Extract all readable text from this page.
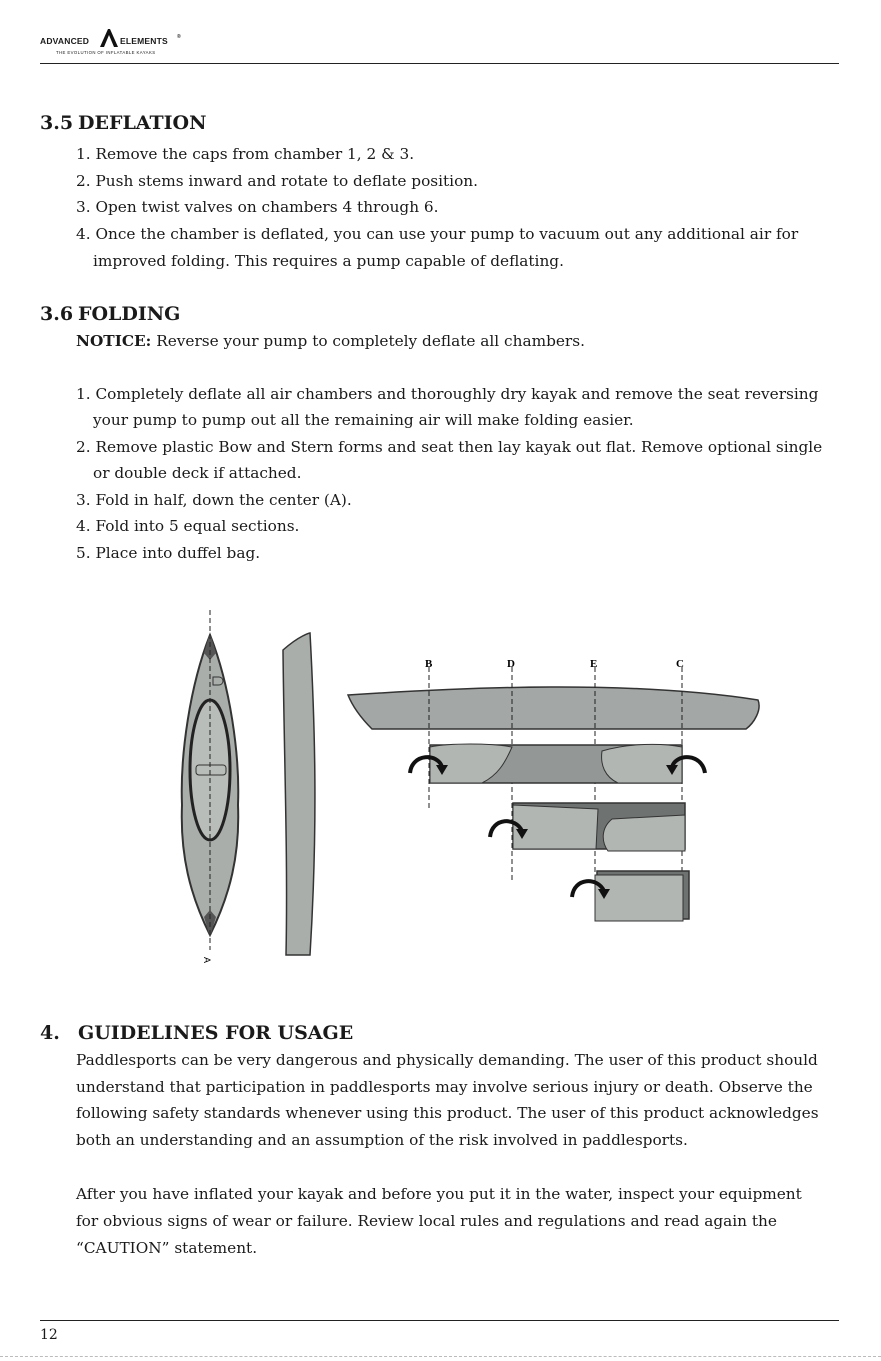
ADVANCED	ELEMENTS ®
THE EVOLUTION OF INFLATABLE KAYAKS
3.5 DEFLATION

1. Remove the caps from chamber 1, 2 & 3.

2. Push stems inward and rotate to deflate position.

3. Open twist valves on chambers 4 through 6.

4. Once the chamber is deflated, you can use your pump to vacuum out any additional air for

improved folding. This requires a pump capable of deflating.

3.6 FOLDING

NOTICE: Reverse your pump to completely deflate all chambers.

1. Completely deflate all air chambers and thoroughly dry kayak and remove the seat reversing

your pump to pump out all the remaining air will make folding easier.

2. Remove plastic Bow and Stern forms and seat then lay kayak out flat. Remove optional single

or double deck if attached.

3. Fold in half, down the center (A).

4. Fold into 5 equal sections.

5. Place into duffel bag.

A
B	D	E	C
4. GUIDELINES FOR USAGE

Paddlesports can be very dangerous and physically demanding. The user of this product should

understand that participation in paddlesports may involve serious injury or death. Observe the

following safety standards whenever using this product. The user of this product acknowledges

both an understanding and an assumption of the risk involved in paddlesports.

After you have inflated your kayak and before you put it in the water, inspect your equipment

for obvious signs of wear or failure. Review local rules and regulations and read again the

“CAUTION” statement.

12
